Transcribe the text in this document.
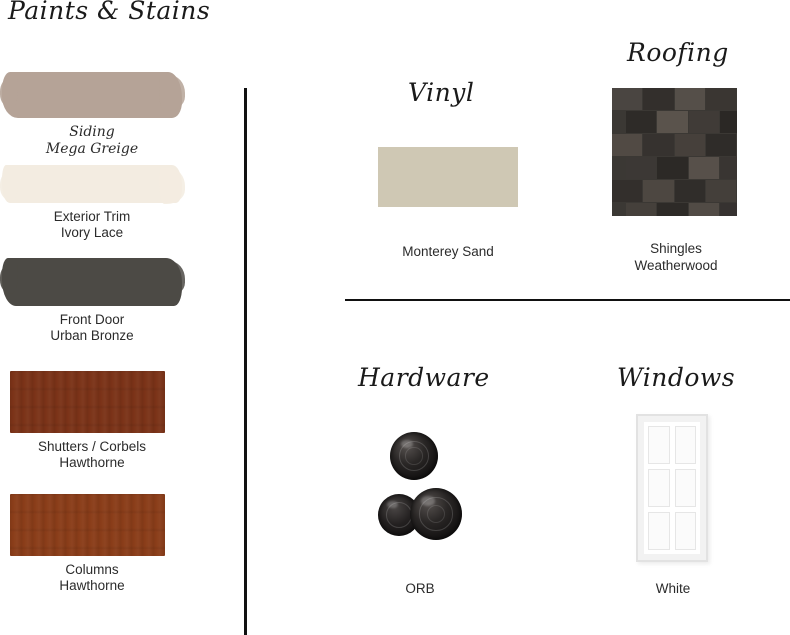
Paints & Stains
Siding
Mega Greige
Exterior Trim
Ivory Lace
Front Door
Urban Bronze
Shutters / Corbels
Hawthorne
Columns
Hawthorne
Vinyl
Monterey Sand
Roofing
Shingles
Weatherwood
Hardware
ORB
Windows
White
